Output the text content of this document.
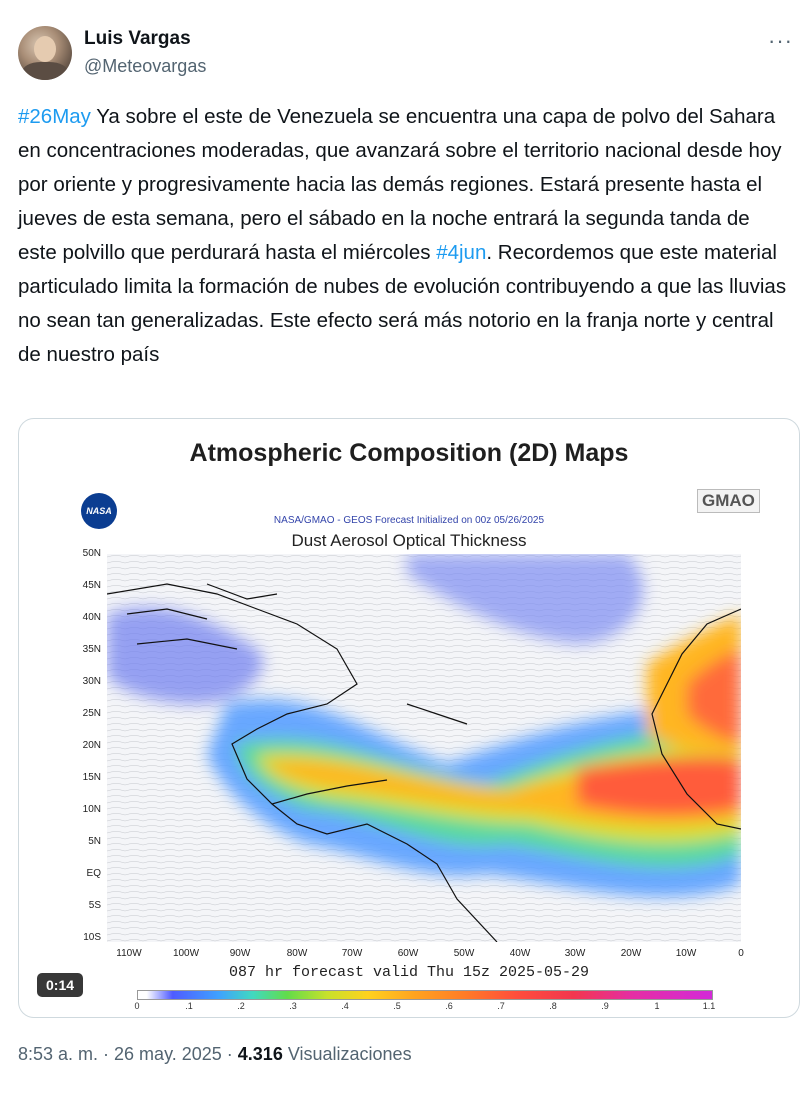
Luis Vargas
@Meteovargas
···
#26May Ya sobre el este de Venezuela se encuentra una capa de polvo del Sahara en concentraciones moderadas, que avanzará sobre el territorio nacional desde hoy por oriente y progresivamente hacia las demás regiones. Estará presente hasta el jueves de esta semana, pero el sábado en la noche entrará la segunda tanda de este polvillo que perdurará hasta el miércoles #4jun. Recordemos que este material particulado limita la formación de nubes de evolución contribuyendo a que las lluvias no sean tan generalizadas. Este efecto será más notorio en la franja norte y central de nuestro país
Atmospheric Composition (2D) Maps
NASA
GMAO
NASA/GMAO - GEOS Forecast Initialized on 00z 05/26/2025
Dust Aerosol Optical Thickness
50N
45N
40N
35N
30N
25N
20N
15N
10N
5N
EQ
5S
10S
110W	100W	90W	80W	70W	60W	50W	40W	30W	20W	10W	0
087 hr forecast valid Thu 15z 2025-05-29
0:14
0	.1	.2	.3	.4	.5	.6	.7	.8	.9	1	1.1
8:53 a. m. · 26 may. 2025 · 4.316 Visualizaciones
